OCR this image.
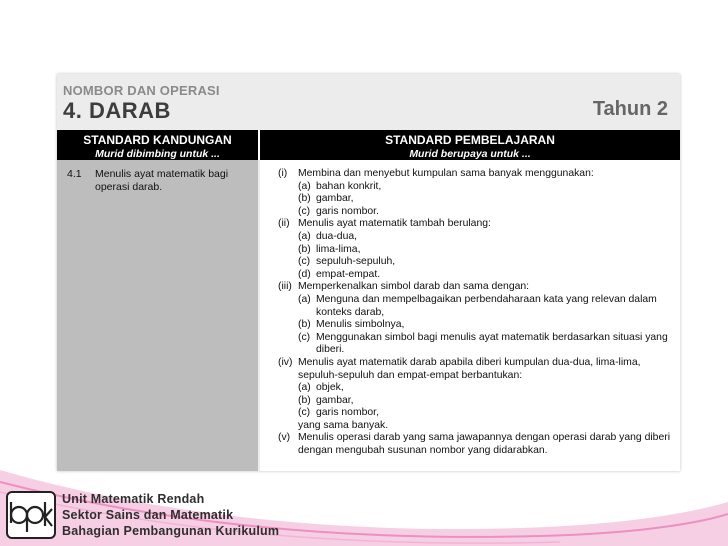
NOMBOR DAN OPERASI
4. DARAB	Tahun 2
STANDARD KANDUNGAN
Murid dibimbing untuk ...
STANDARD PEMBELAJARAN
Murid berupaya untuk ...
4.1 Menulis ayat matematik bagi operasi darab.
(i)	Membina dan menyebut kumpulan sama banyak menggunakan:
(a) bahan konkrit,
(b) gambar,
(c) garis nombor.
(ii) Menulis ayat matematik tambah berulang:
(a) dua-dua,
(b) lima-lima,
(c) sepuluh-sepuluh,
(d) empat-empat.
(iii) Memperkenalkan simbol darab dan sama dengan:
(a) Menguna dan mempelbagaikan perbendaharaan kata yang relevan dalam konteks darab,
(b) Menulis simbolnya,
(c) Menggunakan simbol bagi menulis ayat matematik berdasarkan situasi yang diberi.
(iv) Menulis ayat matematik darab apabila diberi kumpulan dua-dua, lima-lima, sepuluh-sepuluh dan empat-empat berbantukan:
(a) objek,
(b) gambar,
(c) garis nombor,
yang sama banyak.
(v) Menulis operasi darab yang sama jawapannya dengan operasi darab yang diberi dengan mengubah susunan nombor yang didarabkan.
Unit Matematik Rendah
Sektor Sains dan Matematik
Bahagian Pembangunan Kurikulum
